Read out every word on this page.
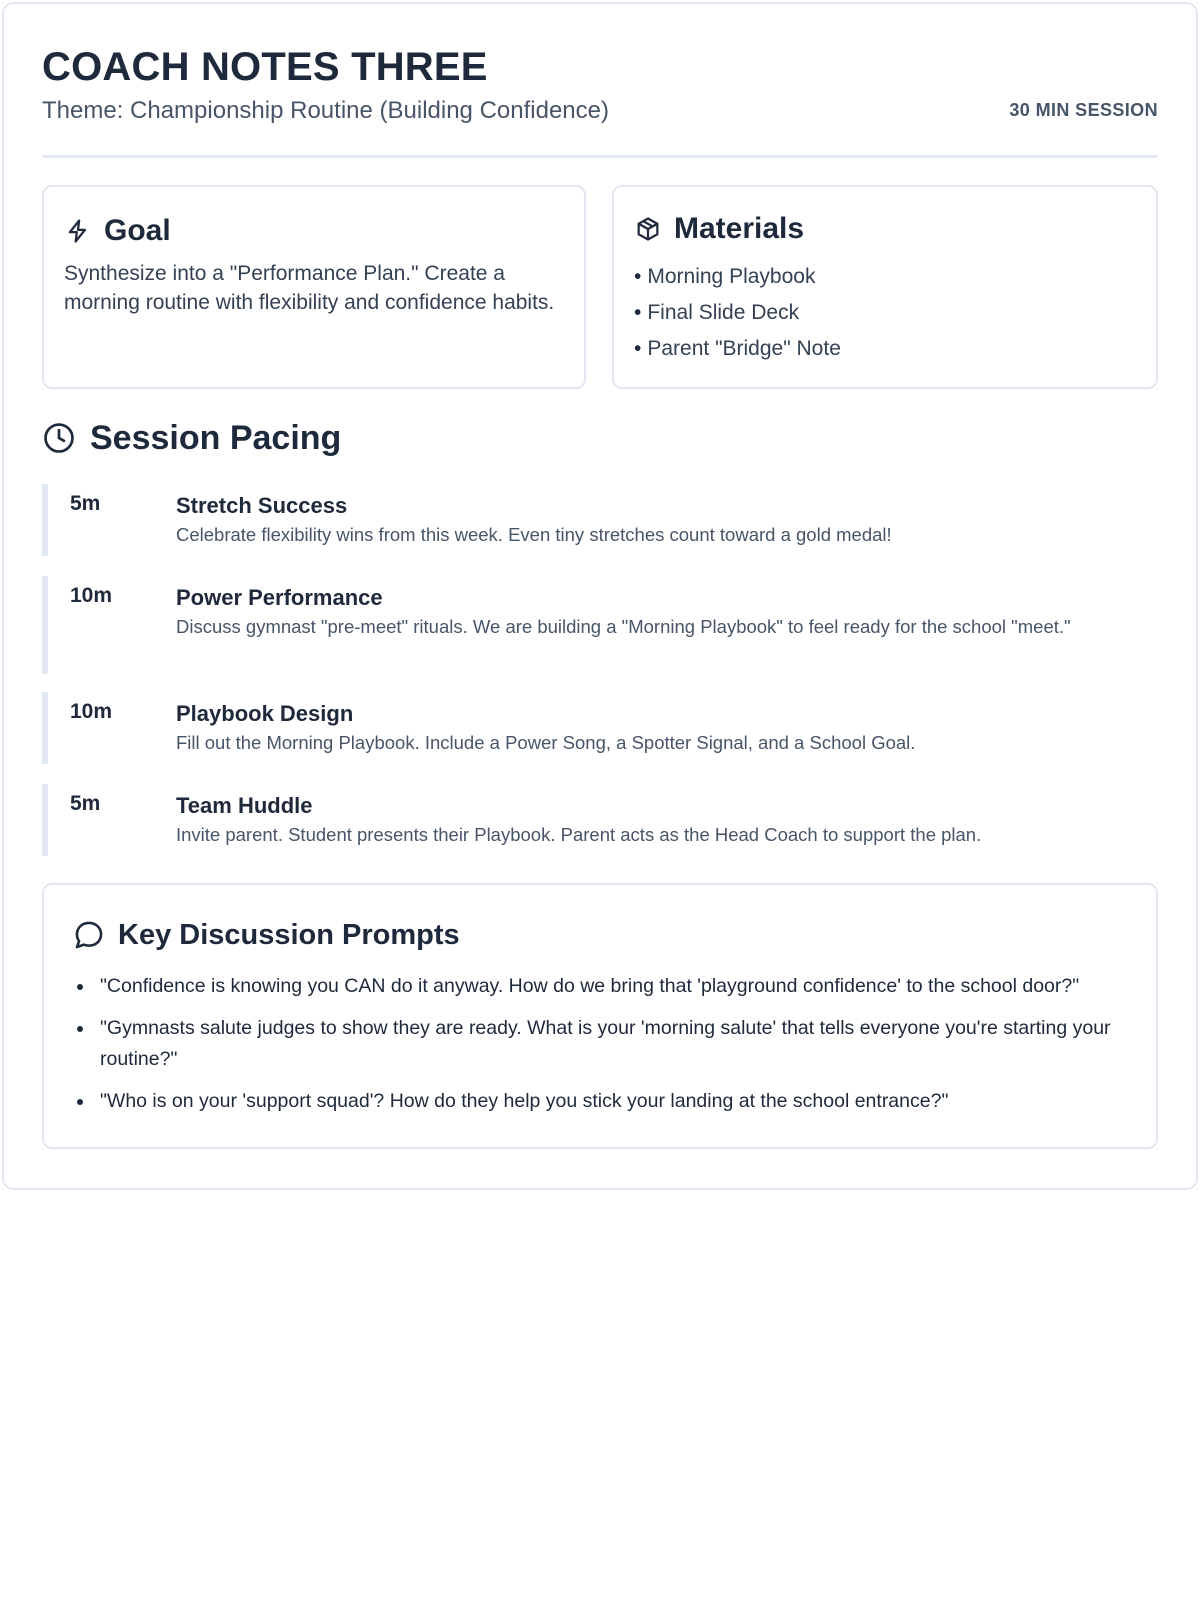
COACH NOTES THREE
Theme: Championship Routine (Building Confidence)	30 MIN SESSION
Goal

Synthesize into a "Performance Plan." Create a morning routine with flexibility and confidence habits.

Materials
• Morning Playbook
• Final Slide Deck
• Parent "Bridge" Note
Session Pacing
5m	Stretch Success
Celebrate flexibility wins from this week. Even tiny stretches count toward a gold medal!
10m	Power Performance
Discuss gymnast "pre-meet" rituals. We are building a "Morning Playbook" to feel ready for the school "meet."
10m	Playbook Design
Fill out the Morning Playbook. Include a Power Song, a Spotter Signal, and a School Goal.
5m	Team Huddle
Invite parent. Student presents their Playbook. Parent acts as the Head Coach to support the plan.
Key Discussion Prompts
"Confidence is knowing you CAN do it anyway. How do we bring that 'playground confidence' to the school door?"
"Gymnasts salute judges to show they are ready. What is your 'morning salute' that tells everyone you're starting your routine?"
"Who is on your 'support squad'? How do they help you stick your landing at the school entrance?"
